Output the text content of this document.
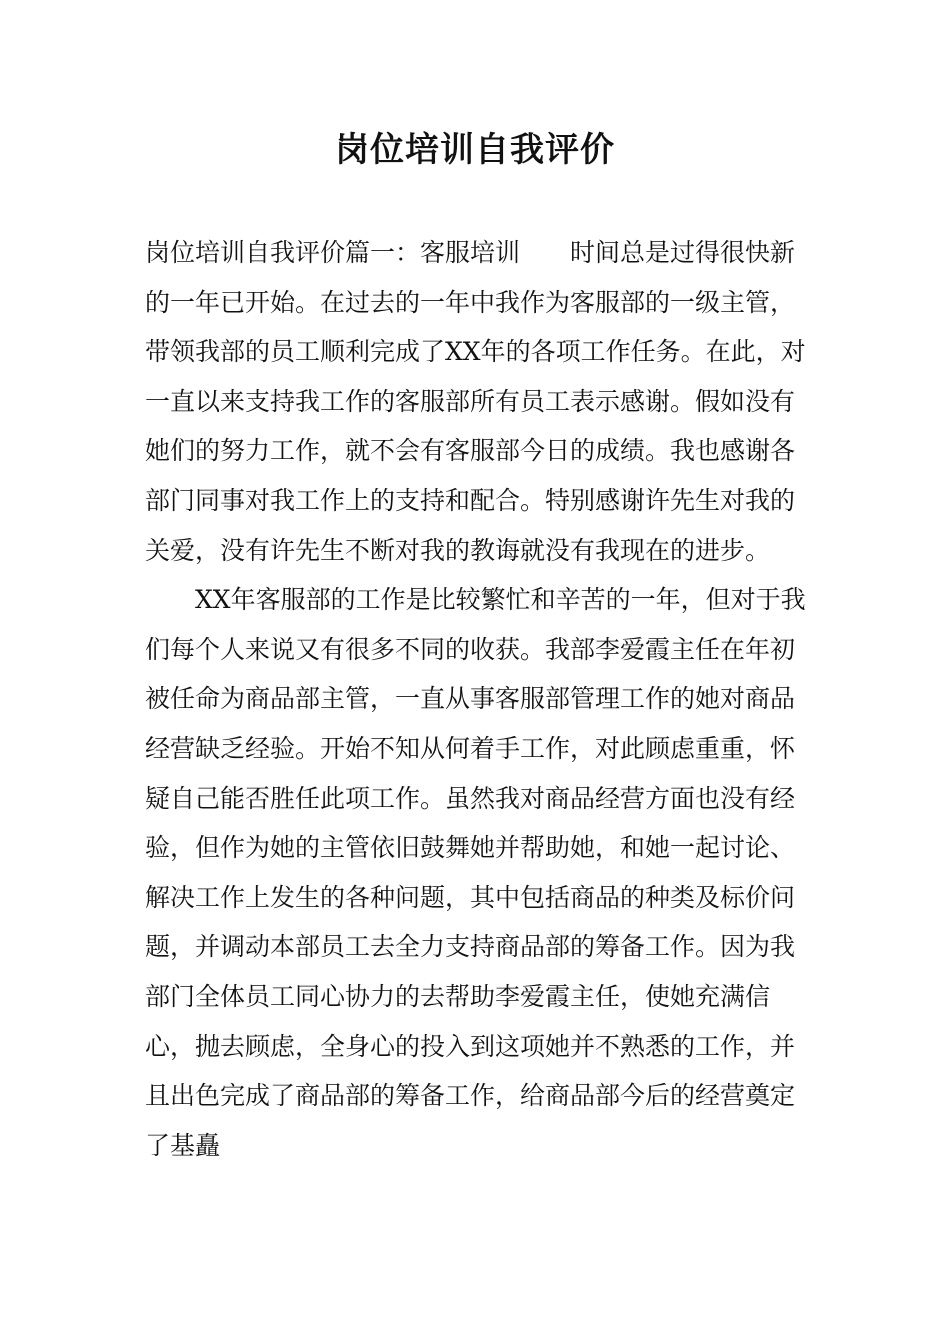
岗位培训自我评价

岗位培训自我评价篇一：客服培训　　时间总是过得很快新的一年已开始。在过去的一年中我作为客服部的一级主管，带领我部的员工顺利完成了XX年的各项工作任务。在此，对一直以来支持我工作的客服部所有员工表示感谢。假如没有她们的努力工作，就不会有客服部今日的成绩。我也感谢各部门同事对我工作上的支持和配合。特别感谢许先生对我的关爱，没有许先生不断对我的教诲就没有我现在的进步。

　　XX年客服部的工作是比较繁忙和辛苦的一年，但对于我们每个人来说又有很多不同的收获。我部李爱霞主任在年初被任命为商品部主管，一直从事客服部管理工作的她对商品经营缺乏经验。开始不知从何着手工作，对此顾虑重重，怀疑自己能否胜任此项工作。虽然我对商品经营方面也没有经验，但作为她的主管依旧鼓舞她并帮助她，和她一起讨论、解决工作上发生的各种问题，其中包括商品的种类及标价问题，并调动本部员工去全力支持商品部的筹备工作。因为我部门全体员工同心协力的去帮助李爱霞主任，使她充满信心，抛去顾虑，全身心的投入到这项她并不熟悉的工作，并且出色完成了商品部的筹备工作，给商品部今后的经营奠定了基矗
